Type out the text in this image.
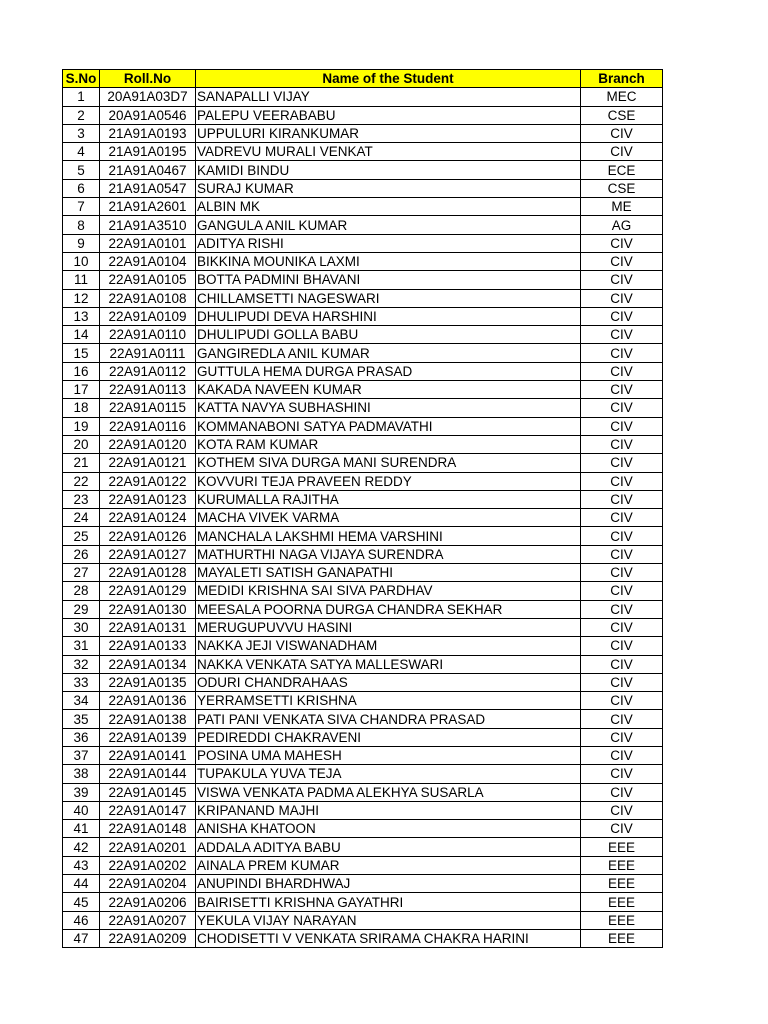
S.No	Roll.No	Name of the Student	Branch
1	20A91A03D7	SANAPALLI VIJAY	MEC
2	20A91A0546	PALEPU VEERABABU	CSE
3	21A91A0193	UPPULURI KIRANKUMAR	CIV
4	21A91A0195	VADREVU MURALI VENKAT	CIV
5	21A91A0467	KAMIDI BINDU	ECE
6	21A91A0547	SURAJ KUMAR	CSE
7	21A91A2601	ALBIN MK	ME
8	21A91A3510	GANGULA ANIL KUMAR	AG
9	22A91A0101	ADITYA RISHI	CIV
10	22A91A0104	BIKKINA MOUNIKA LAXMI	CIV
11	22A91A0105	BOTTA PADMINI BHAVANI	CIV
12	22A91A0108	CHILLAMSETTI NAGESWARI	CIV
13	22A91A0109	DHULIPUDI DEVA HARSHINI	CIV
14	22A91A0110	DHULIPUDI GOLLA BABU	CIV
15	22A91A0111	GANGIREDLA ANIL KUMAR	CIV
16	22A91A0112	GUTTULA HEMA DURGA PRASAD	CIV
17	22A91A0113	KAKADA NAVEEN KUMAR	CIV
18	22A91A0115	KATTA NAVYA SUBHASHINI	CIV
19	22A91A0116	KOMMANABONI SATYA PADMAVATHI	CIV
20	22A91A0120	KOTA RAM KUMAR	CIV
21	22A91A0121	KOTHEM SIVA DURGA MANI SURENDRA	CIV
22	22A91A0122	KOVVURI TEJA PRAVEEN REDDY	CIV
23	22A91A0123	KURUMALLA RAJITHA	CIV
24	22A91A0124	MACHA VIVEK VARMA	CIV
25	22A91A0126	MANCHALA LAKSHMI HEMA VARSHINI	CIV
26	22A91A0127	MATHURTHI NAGA VIJAYA SURENDRA	CIV
27	22A91A0128	MAYALETI SATISH GANAPATHI	CIV
28	22A91A0129	MEDIDI KRISHNA SAI SIVA PARDHAV	CIV
29	22A91A0130	MEESALA POORNA DURGA CHANDRA SEKHAR	CIV
30	22A91A0131	MERUGUPUVVU HASINI	CIV
31	22A91A0133	NAKKA JEJI VISWANADHAM	CIV
32	22A91A0134	NAKKA VENKATA SATYA MALLESWARI	CIV
33	22A91A0135	ODURI CHANDRAHAAS	CIV
34	22A91A0136	YERRAMSETTI KRISHNA	CIV
35	22A91A0138	PATI PANI VENKATA SIVA CHANDRA PRASAD	CIV
36	22A91A0139	PEDIREDDI CHAKRAVENI	CIV
37	22A91A0141	POSINA UMA MAHESH	CIV
38	22A91A0144	TUPAKULA YUVA TEJA	CIV
39	22A91A0145	VISWA VENKATA PADMA ALEKHYA SUSARLA	CIV
40	22A91A0147	KRIPANAND MAJHI	CIV
41	22A91A0148	ANISHA KHATOON	CIV
42	22A91A0201	ADDALA ADITYA BABU	EEE
43	22A91A0202	AINALA PREM KUMAR	EEE
44	22A91A0204	ANUPINDI BHARDHWAJ	EEE
45	22A91A0206	BAIRISETTI KRISHNA GAYATHRI	EEE
46	22A91A0207	YEKULA VIJAY NARAYAN	EEE
47	22A91A0209	CHODISETTI V VENKATA SRIRAMA CHAKRA HARINI	EEE
